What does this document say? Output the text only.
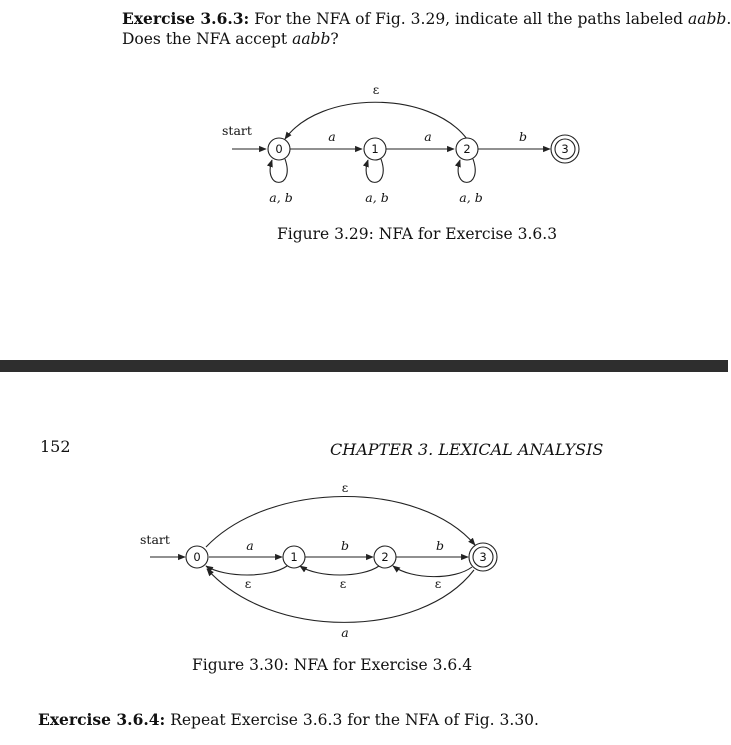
Exercise 3.6.3: For the NFA of Fig. 3.29, indicate all the paths labeled aabb.
Does the NFA accept aabb?
start
ε
a	a	b
a, b	a, b	a, b
0	1	2	3
start
ε
a
a	b	b
ε	ε	ε
0	1	2	3
Figure 3.29: NFA for Exercise 3.6.3
152	CHAPTER 3. LEXICAL ANALYSIS
Figure 3.30: NFA for Exercise 3.6.4
Exercise 3.6.4: Repeat Exercise 3.6.3 for the NFA of Fig. 3.30.
